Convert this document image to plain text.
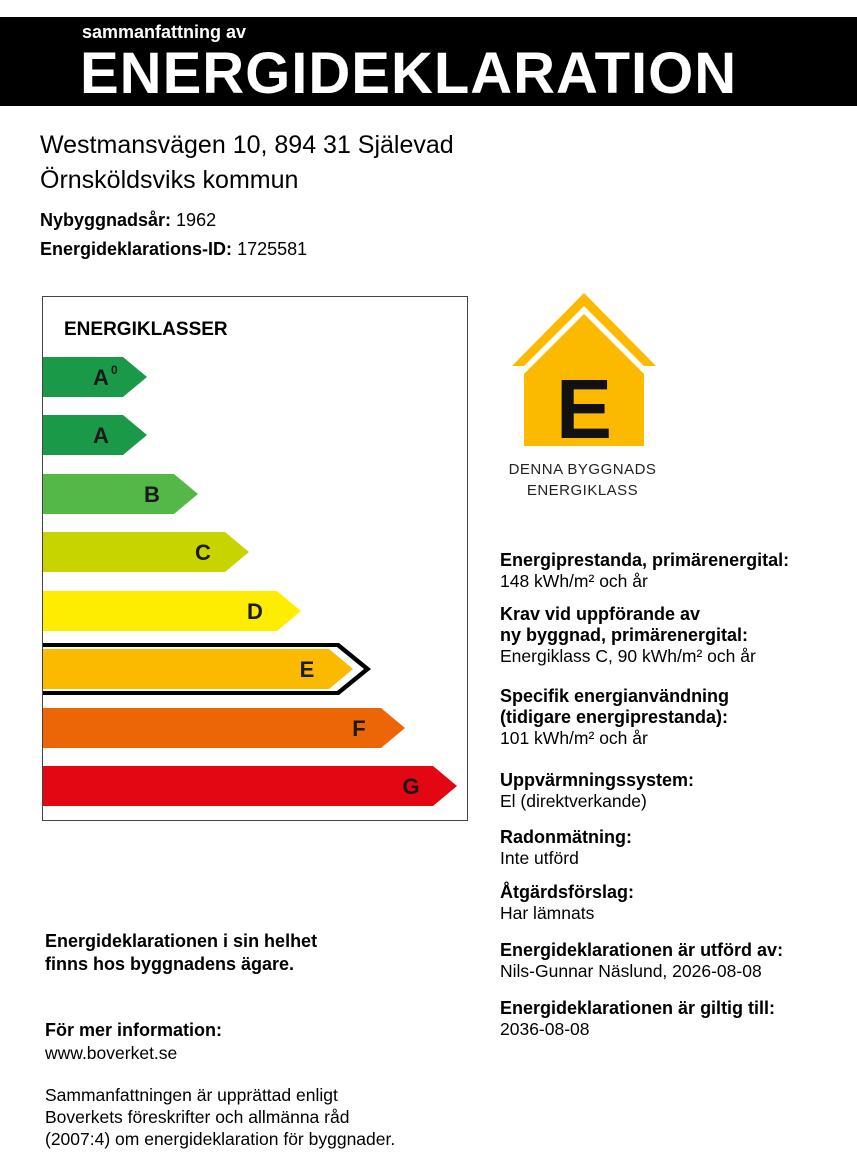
sammanfattning av
ENERGIDEKLARATION
Westmansvägen 10, 894 31 Själevad
Örnsköldsviks kommun
Nybyggnadsår: 1962
Energideklarations-ID: 1725581
ENERGIKLASSER
A 0
A
B
C
D
E
F
G
E
DENNA BYGGNADS
ENERGIKLASS
Energiprestanda, primärenergital:
148 kWh/m² och år
Krav vid uppförande av
ny byggnad, primärenergital:
Energiklass C, 90 kWh/m² och år
Specifik energianvändning
(tidigare energiprestanda):
101 kWh/m² och år
Uppvärmningssystem:
El (direktverkande)
Radonmätning:
Inte utförd
Åtgärdsförslag:
Har lämnats
Energideklarationen är utförd av:
Nils-Gunnar Näslund, 2026-08-08
Energideklarationen är giltig till:
2036-08-08
Energideklarationen i sin helhet
finns hos byggnadens ägare.
För mer information:
www.boverket.se
Sammanfattningen är upprättad enligt
Boverkets föreskrifter och allmänna råd
(2007:4) om energideklaration för byggnader.
